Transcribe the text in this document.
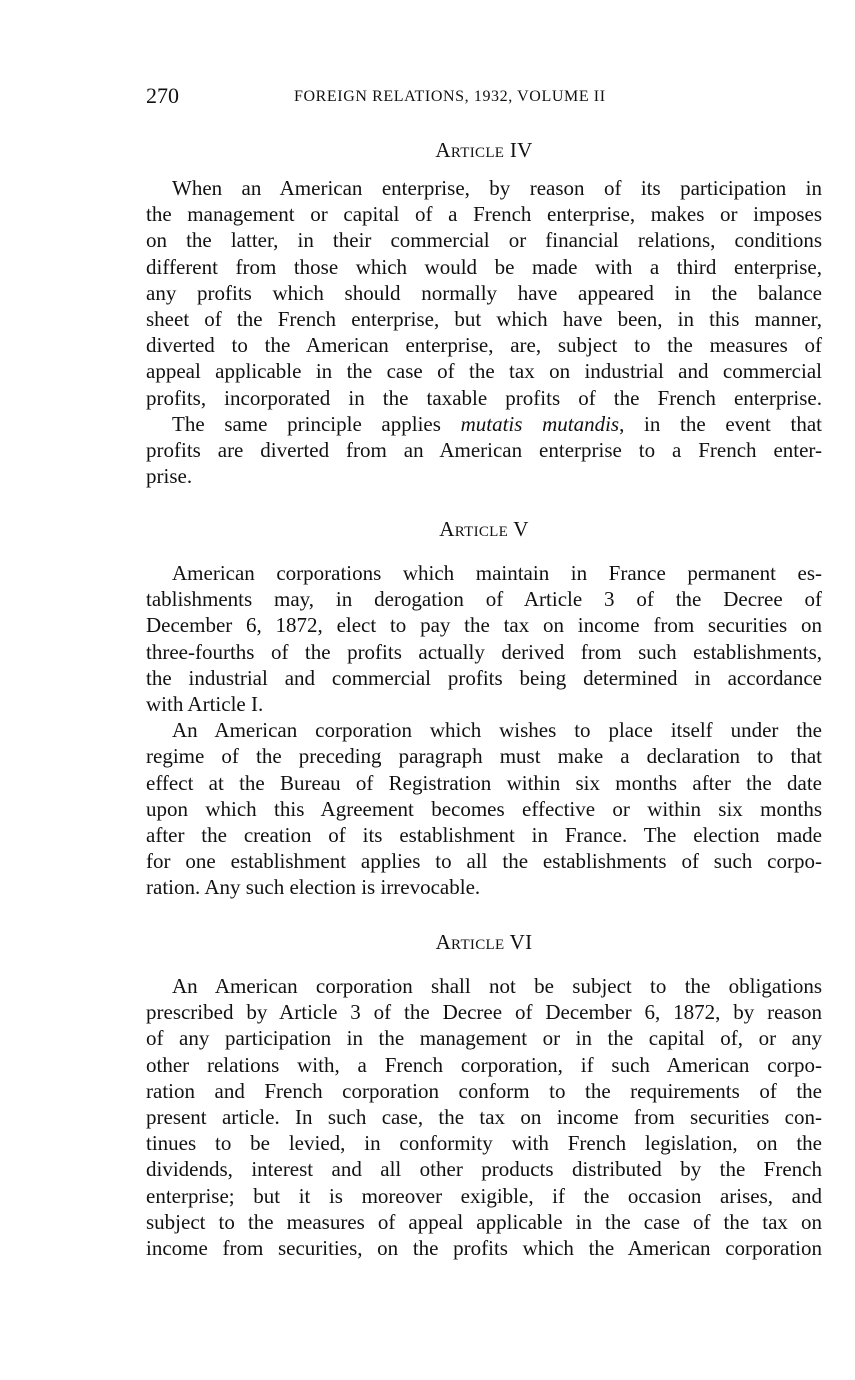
270	FOREIGN RELATIONS, 1932, VOLUME II
Article IV
When an American enterprise, by reason of its participation in
the management or capital of a French enterprise, makes or imposes
on the latter, in their commercial or financial relations, conditions
different from those which would be made with a third enterprise,
any profits which should normally have appeared in the balance
sheet of the French enterprise, but which have been, in this manner,
diverted to the American enterprise, are, subject to the measures of
appeal applicable in the case of the tax on industrial and commercial
profits, incorporated in the taxable profits of the French enterprise.
The same principle applies mutatis mutandis, in the event that
profits are diverted from an American enterprise to a French enter-
prise.
Article V
American corporations which maintain in France permanent es-
tablishments may, in derogation of Article 3 of the Decree of
December 6, 1872, elect to pay the tax on income from securities on
three-fourths of the profits actually derived from such establishments,
the industrial and commercial profits being determined in accordance
with Article I.
An American corporation which wishes to place itself under the
regime of the preceding paragraph must make a declaration to that
effect at the Bureau of Registration within six months after the date
upon which this Agreement becomes effective or within six months
after the creation of its establishment in France. The election made
for one establishment applies to all the establishments of such corpo-
ration. Any such election is irrevocable.
Article VI
An American corporation shall not be subject to the obligations
prescribed by Article 3 of the Decree of December 6, 1872, by reason
of any participation in the management or in the capital of, or any
other relations with, a French corporation, if such American corpo-
ration and French corporation conform to the requirements of the
present article. In such case, the tax on income from securities con-
tinues to be levied, in conformity with French legislation, on the
dividends, interest and all other products distributed by the French
enterprise; but it is moreover exigible, if the occasion arises, and
subject to the measures of appeal applicable in the case of the tax on
income from securities, on the profits which the American corporation
